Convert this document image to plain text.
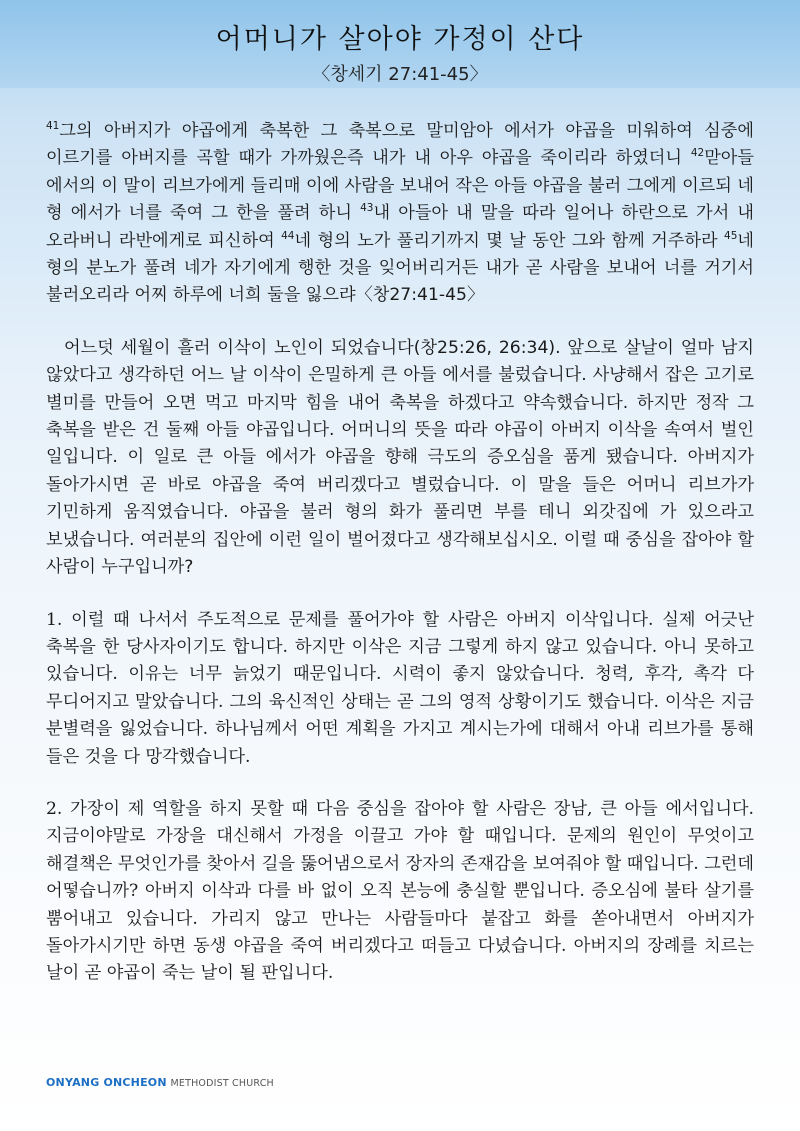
어머니가 살아야 가정이 산다
〈창세기 27:41-45〉

$^{41}$그의 아버지가 야곱에게 축복한 그 축복으로 말미암아 에서가 야곱을 미워하여 심중에 이르기를 아버지를 곡할 때가 가까웠은즉 내가 내 아우 야곱을 죽이리라 하였더니 $^{42}$맏아들 에서의 이 말이 리브가에게 들리매 이에 사람을 보내어 작은 아들 야곱을 불러 그에게 이르되 네 형 에서가 너를 죽여 그 한을 풀려 하니 $^{43}$내 아들아 내 말을 따라 일어나 하란으로 가서 내 오라버니 라반에게로 피신하여 $^{44}$네 형의 노가 풀리기까지 몇 날 동안 그와 함께 거주하라 $^{45}$네 형의 분노가 풀려 네가 자기에게 행한 것을 잊어버리거든 내가 곧 사람을 보내어 너를 거기서 불러오리라 어찌 하루에 너희 둘을 잃으랴〈창27:41-45〉

어느덧 세월이 흘러 이삭이 노인이 되었습니다(창25:26, 26:34). 앞으로 살날이 얼마 남지 않았다고 생각하던 어느 날 이삭이 은밀하게 큰 아들 에서를 불렀습니다. 사냥해서 잡은 고기로 별미를 만들어 오면 먹고 마지막 힘을 내어 축복을 하겠다고 약속했습니다. 하지만 정작 그 축복을 받은 건 둘째 아들 야곱입니다. 어머니의 뜻을 따라 야곱이 아버지 이삭을 속여서 벌인 일입니다. 이 일로 큰 아들 에서가 야곱을 향해 극도의 증오심을 품게 됐습니다. 아버지가 돌아가시면 곧 바로 야곱을 죽여 버리겠다고 별렀습니다. 이 말을 들은 어머니 리브가가 기민하게 움직였습니다. 야곱을 불러 형의 화가 풀리면 부를 테니 외갓집에 가 있으라고 보냈습니다. 여러분의 집안에 이런 일이 벌어졌다고 생각해보십시오. 이럴 때 중심을 잡아야 할 사람이 누구입니까?

1. 이럴 때 나서서 주도적으로 문제를 풀어가야 할 사람은 아버지 이삭입니다. 실제 어긋난 축복을 한 당사자이기도 합니다. 하지만 이삭은 지금 그렇게 하지 않고 있습니다. 아니 못하고 있습니다. 이유는 너무 늙었기 때문입니다. 시력이 좋지 않았습니다. 청력, 후각, 촉각 다 무디어지고 말았습니다. 그의 육신적인 상태는 곧 그의 영적 상황이기도 했습니다. 이삭은 지금 분별력을 잃었습니다. 하나님께서 어떤 계획을 가지고 계시는가에 대해서 아내 리브가를 통해 들은 것을 다 망각했습니다.

2. 가장이 제 역할을 하지 못할 때 다음 중심을 잡아야 할 사람은 장남, 큰 아들 에서입니다. 지금이야말로 가장을 대신해서 가정을 이끌고 가야 할 때입니다. 문제의 원인이 무엇이고 해결책은 무엇인가를 찾아서 길을 뚫어냄으로서 장자의 존재감을 보여줘야 할 때입니다. 그런데 어떻습니까? 아버지 이삭과 다를 바 없이 오직 본능에 충실할 뿐입니다. 증오심에 불타 살기를 뿜어내고 있습니다. 가리지 않고 만나는 사람들마다 붙잡고 화를 쏟아내면서 아버지가 돌아가시기만 하면 동생 야곱을 죽여 버리겠다고 떠들고 다녔습니다. 아버지의 장례를 치르는 날이 곧 야곱이 죽는 날이 될 판입니다.

ONYANG ONCHEON METHODIST CHURCH
